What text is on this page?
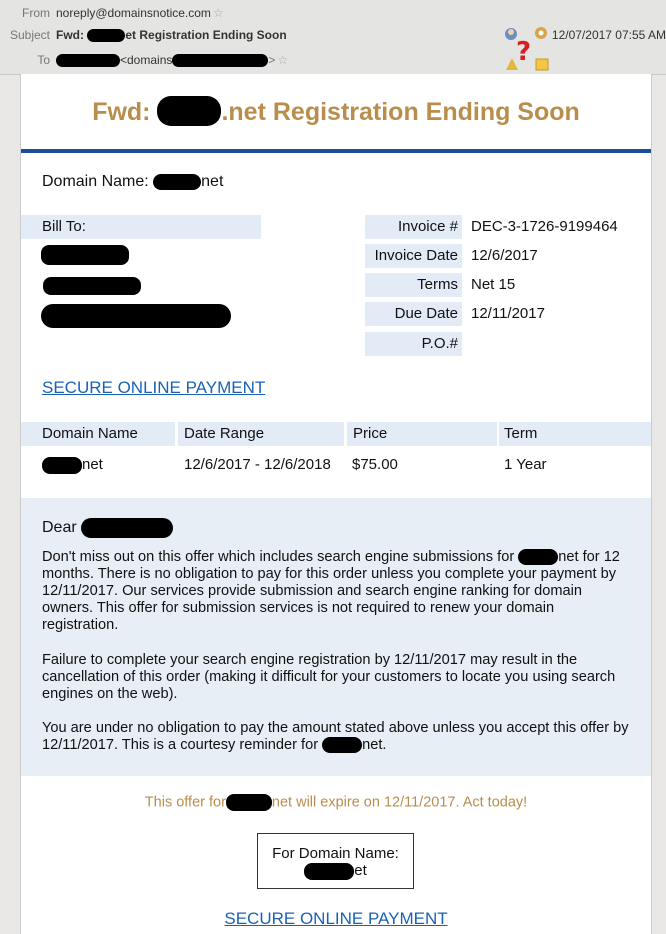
From noreply@domainsnotice.com ☆
Subject Fwd:	et Registration Ending Soon
To	<domains	> ☆	?
12/07/2017 07:55 AM
Fwd:	.net Registration Ending Soon
Domain Name:	net
Bill To:	Invoice # DEC-3-1726-9199464
Invoice Date 12/6/2017
Terms Net 15
Due Date 12/11/2017
P.O.#
SECURE ONLINE PAYMENT
Domain Name	Date Range	Price	Term
net	12/6/2017 - 12/6/2018 $75.00	1 Year

Dear

Don't miss out on this offer which includes search engine submissions for	net for 12 months. There is no obligation to pay for this order unless you complete your payment by 12/11/2017. Our services provide submission and search engine ranking for domain owners. This offer for submission services is not required to renew your domain registration.

Failure to complete your search engine registration by 12/11/2017 may result in the cancellation of this order (making it difficult for your customers to locate you using search engines on the web).

You are under no obligation to pay the amount stated above unless you accept this offer by 12/11/2017. This is a courtesy reminder for	net.

This offer for	net will expire on 12/11/2017. Act today!
For Domain Name:
et
SECURE ONLINE PAYMENT
